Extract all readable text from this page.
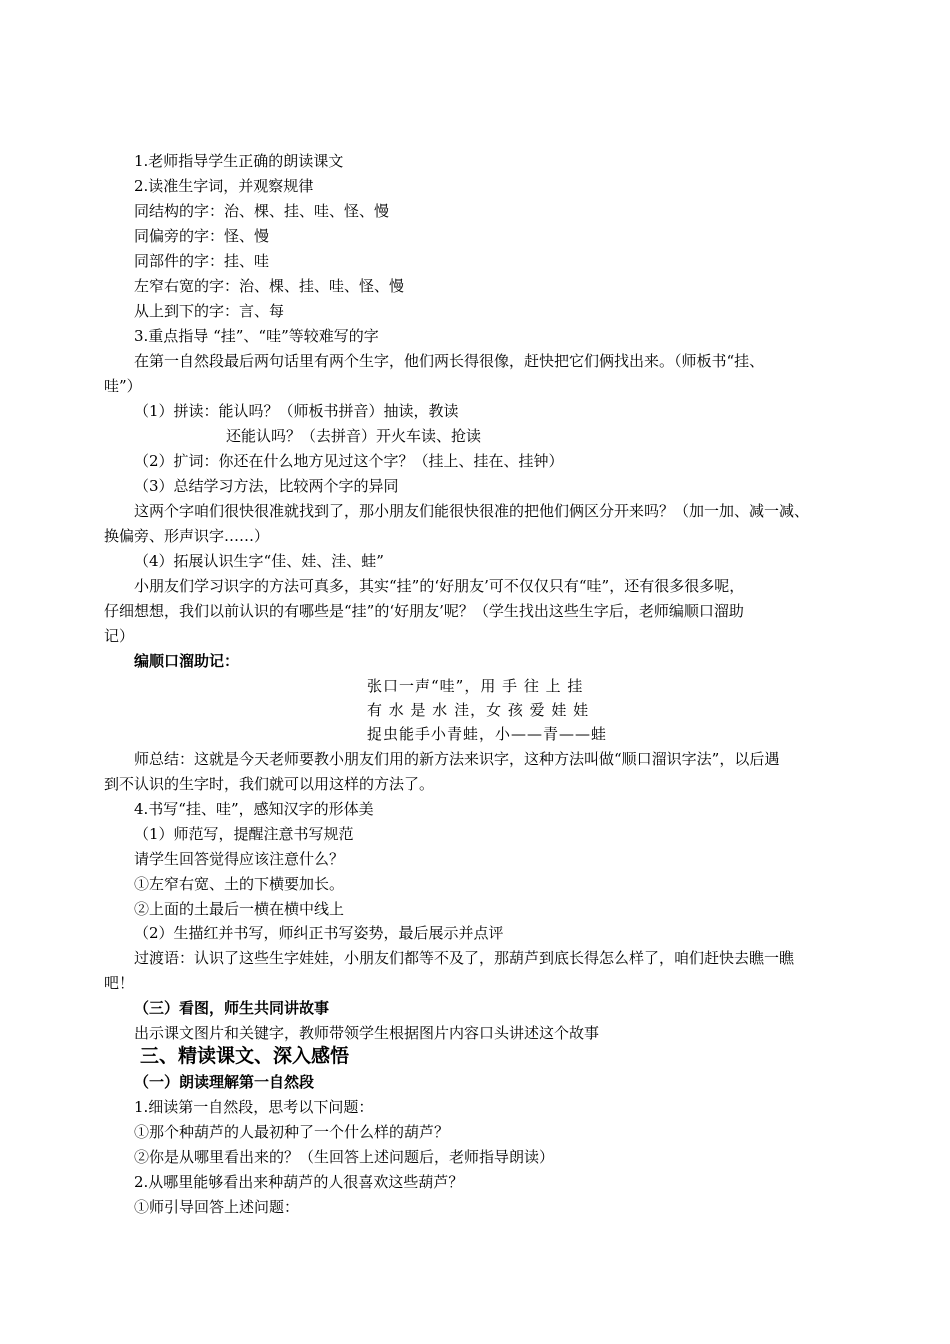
1.老师指导学生正确的朗读课文
2.读准生字词，并观察规律
同结构的字：治、棵、挂、哇、怪、慢
同偏旁的字：怪、慢
同部件的字：挂、哇
左窄右宽的字：治、棵、挂、哇、怪、慢
从上到下的字：言、每
3.重点指导 “挂”、“哇”等较难写的字
在第一自然段最后两句话里有两个生字，他们两长得很像，赶快把它们俩找出来。（师板书“挂、
哇”）
（1）拼读：能认吗？（师板书拼音）抽读，教读
还能认吗？（去拼音）开火车读、抢读
（2）扩词：你还在什么地方见过这个字？（挂上、挂在、挂钟）
（3）总结学习方法，比较两个字的异同
这两个字咱们很快很准就找到了，那小朋友们能很快很准的把他们俩区分开来吗？（加一加、减一减、
换偏旁、形声识字……）
（4）拓展认识生字“佳、娃、洼、蛙”
小朋友们学习识字的方法可真多，其实“挂”的‘好朋友’可不仅仅只有“哇”，还有很多很多呢，
仔细想想，我们以前认识的有哪些是“挂”的‘好朋友’呢？（学生找出这些生字后，老师编顺口溜助
记）
编顺口溜助记：
张口一声“哇”，用 手 往 上 挂
有 水 是 水 洼，女 孩 爱 娃 娃
捉虫能手小青蛙，小——青——蛙
师总结：这就是今天老师要教小朋友们用的新方法来识字，这种方法叫做“顺口溜识字法”，以后遇
到不认识的生字时，我们就可以用这样的方法了。
4.书写“挂、哇”，感知汉字的形体美
（1）师范写，提醒注意书写规范
请学生回答觉得应该注意什么？
①左窄右宽、土的下横要加长。
②上面的土最后一横在横中线上
（2）生描红并书写，师纠正书写姿势，最后展示并点评
过渡语：认识了这些生字娃娃，小朋友们都等不及了，那葫芦到底长得怎么样了，咱们赶快去瞧一瞧
吧！
（三）看图，师生共同讲故事
出示课文图片和关键字，教师带领学生根据图片内容口头讲述这个故事
三、精读课文、深入感悟
（一）朗读理解第一自然段
1.细读第一自然段，思考以下问题：
①那个种葫芦的人最初种了一个什么样的葫芦？
②你是从哪里看出来的？（生回答上述问题后，老师指导朗读）
2.从哪里能够看出来种葫芦的人很喜欢这些葫芦？
①师引导回答上述问题：
